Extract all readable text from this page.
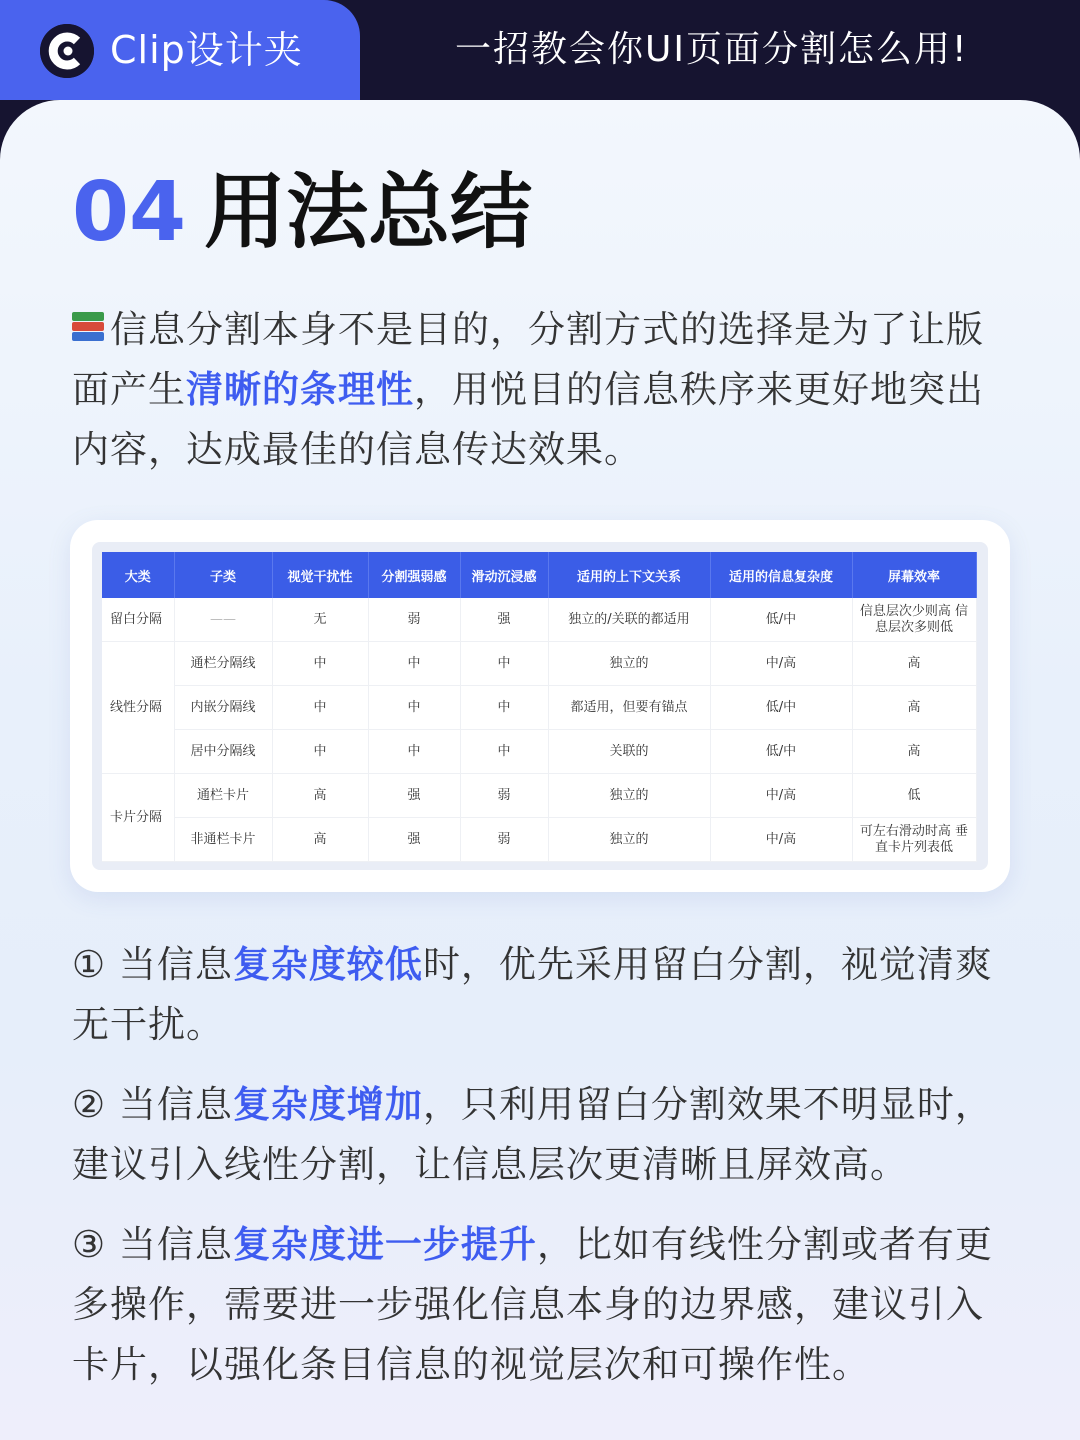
Clip设计夹	一招教会你UI页面分割怎么用!
04 用法总结
信息分割本身不是目的，分割方式的选择是为了让版面产生清晰的条理性，用悦目的信息秩序来更好地突出内容，达成最佳的信息传达效果。
大类	子类	视觉干扰性	分割强弱感	滑动沉浸感	适用的上下文关系	适用的信息复杂度	屏幕效率
留白分隔	——	无	弱	强	独立的/关联的都适用	低/中	信息层次少则高 信息层次多则低
线性分隔	通栏分隔线	中	中	中	独立的	中/高	高
	内嵌分隔线	中	中	中	都适用，但要有锚点	低/中	高
	居中分隔线	中	中	中	关联的	低/中	高
卡片分隔	通栏卡片	高	强	弱	独立的	中/高	低
	非通栏卡片	高	强	弱	独立的	中/高	可左右滑动时高 垂直卡片列表低
① 当信息复杂度较低时，优先采用留白分割，视觉清爽无干扰。
② 当信息复杂度增加，只利用留白分割效果不明显时，建议引入线性分割，让信息层次更清晰且屏效高。
③ 当信息复杂度进一步提升，比如有线性分割或者有更多操作，需要进一步强化信息本身的边界感，建议引入卡片，以强化条目信息的视觉层次和可操作性。
